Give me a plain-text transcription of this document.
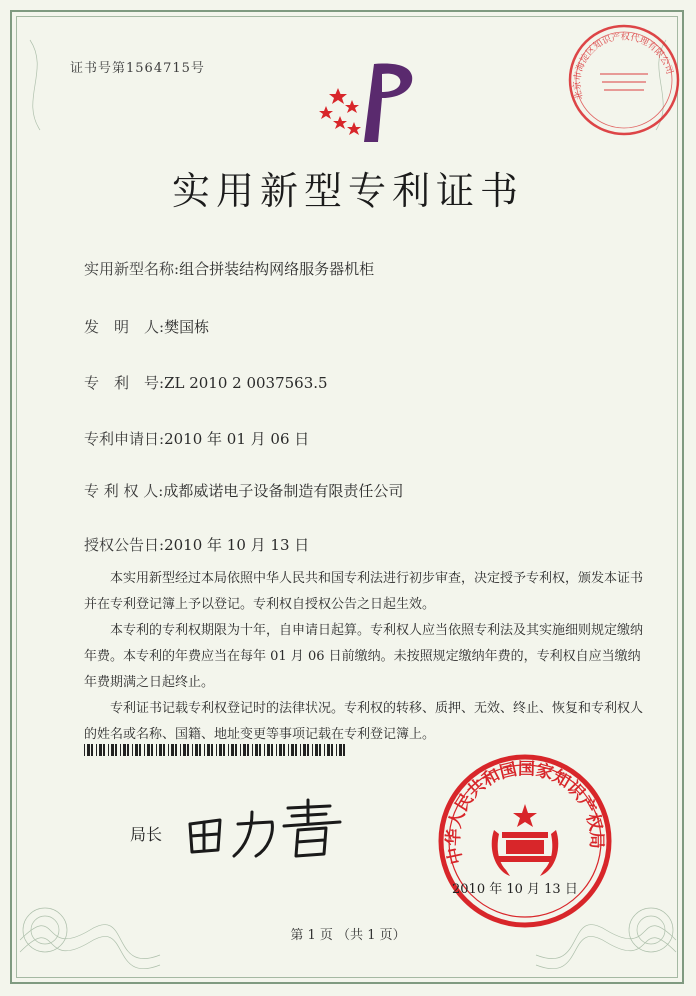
证书号第1564715号
实用新型专利证书
实用新型名称:组合拼装结构网络服务器机柜
发　明　人:樊国栋
专　利　号:ZL 2010 2 0037563.5
专利申请日:2010 年 01 月 06 日
专 利 权 人:成都威诺电子设备制造有限责任公司
授权公告日:2010 年 10 月 13 日

本实用新型经过本局依照中华人民共和国专利法进行初步审查，决定授予专利权，颁发本证书并在专利登记簿上予以登记。专利权自授权公告之日起生效。

本专利的专利权期限为十年，自申请日起算。专利权人应当依照专利法及其实施细则规定缴纳年费。本专利的年费应当在每年 01 月 06 日前缴纳。未按照规定缴纳年费的，专利权自应当缴纳年费期满之日起终止。

专利证书记载专利权登记时的法律状况。专利权的转移、质押、无效、终止、恢复和专利权人的姓名或名称、国籍、地址变更等事项记载在专利登记簿上。

局长
中华人民共和国国家知识产权局
2010 年 10 月 13 日
北京市海淀区知识产权代理有限公司
第 1 页 （共 1 页）
